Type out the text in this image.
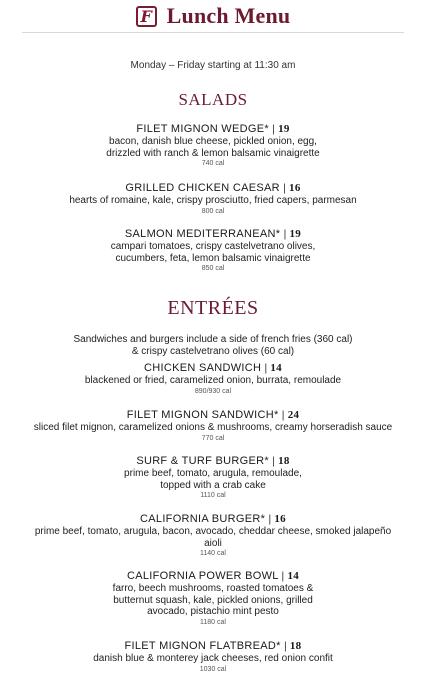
F Lunch Menu
Monday – Friday starting at 11:30 am
SALADS
FILET MIGNON WEDGE* | 19
bacon, danish blue cheese, pickled onion, egg,
drizzled with ranch & lemon balsamic vinaigrette
740 cal
GRILLED CHICKEN CAESAR | 16
hearts of romaine, kale, crispy prosciutto, fried capers, parmesan
800 cal
SALMON MEDITERRANEAN* | 19
campari tomatoes, crispy castelvetrano olives,
cucumbers, feta, lemon balsamic vinaigrette
850 cal
ENTRÉES
Sandwiches and burgers include a side of french fries (360 cal)
& crispy castelvetrano olives (60 cal)
CHICKEN SANDWICH | 14
blackened or fried, caramelized onion, burrata, remoulade
890/930 cal
FILET MIGNON SANDWICH* | 24
sliced filet mignon, caramelized onions & mushrooms, creamy horseradish sauce
770 cal
SURF & TURF BURGER* | 18
prime beef, tomato, arugula, remoulade,
topped with a crab cake
1110 cal
CALIFORNIA BURGER* | 16
prime beef, tomato, arugula, bacon, avocado, cheddar cheese, smoked jalapeño
aioli
1140 cal
CALIFORNIA POWER BOWL | 14
farro, beech mushrooms, roasted tomatoes &
butternut squash, kale, pickled onions, grilled
avocado, pistachio mint pesto
1180 cal
FILET MIGNON FLATBREAD* | 18
danish blue & monterey jack cheeses, red onion confit
1030 cal
